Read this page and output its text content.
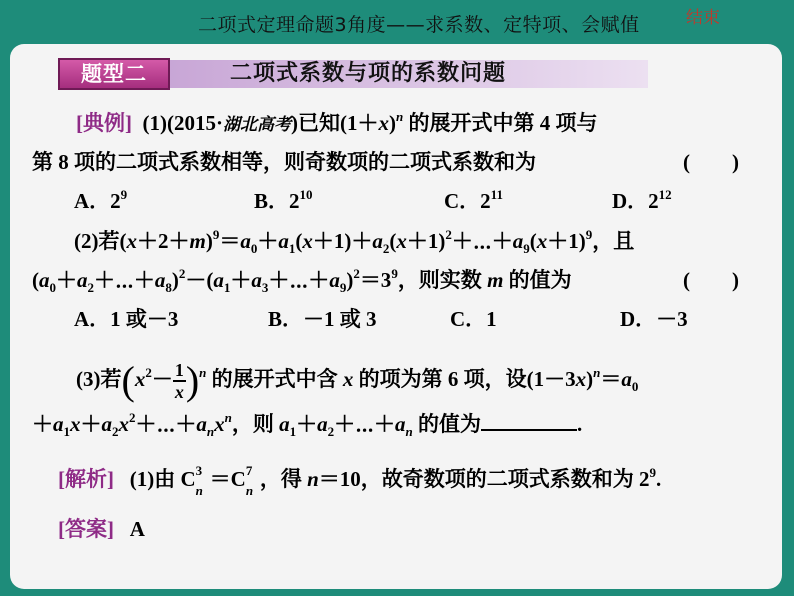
二项式定理命题3角度——求系数、定特项、会赋值	结束
题型二	二项式系数与项的系数问题
[典例] (1)(2015·湖北高考)已知$(1+x)^n$ 的展开式中第 4 项与
第 8 项的二项式系数相等，则奇数项的二项式系数和为	(　　)
A．$2^9$	B．$2^{10}$	C．$2^{11}$	D．$2^{12}$
(2)若$(x+2+m)^9=a_0+a_1(x+1)+a_2(x+1)^2+\cdots+a_9(x+1)^9$，且
$(a_0+a_2+\cdots+a_8)^2-(a_1+a_3+\cdots+a_9)^2=3^9$，则实数 m 的值为	(　　)
A．1 或－3	B．－1 或 3	C．1	D．－3
(3)若$(x^2- \frac{1}{x} )^n$ 的展开式中含 x 的项为第 6 项，设$(1-3x)^n=a_0$
$+a_1x+a_2x^2+\cdots+a_nx^n$，则 $a_1+a_2+\cdots+a_n$ 的值为	.
[解析] (1)由 C 3
n ＝C 7
n ，得 n＝10，故奇数项的二项式系数和为 $2^9$.
[答案] A
